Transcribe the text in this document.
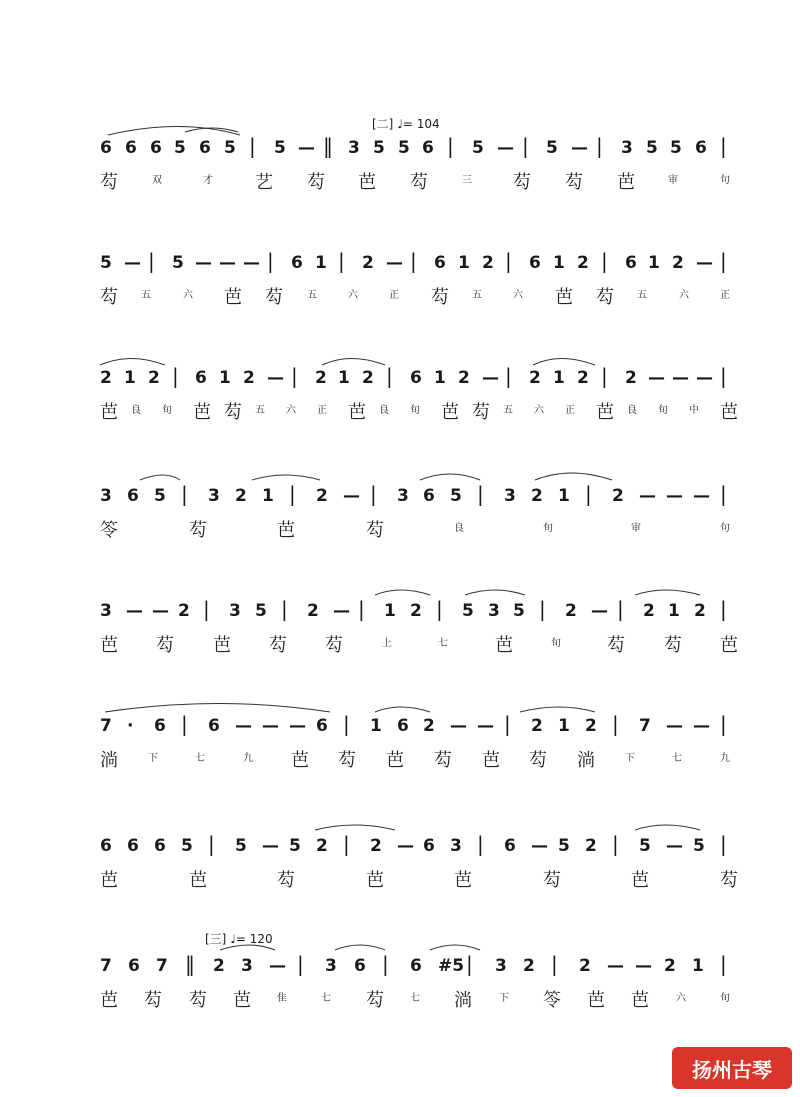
[二] ♩= 104
[三] ♩= 120
6 6 6 5 6 5 | 5 — ‖ 3 5 5 6 | 5 — | 5 — | 3 5 5 6 |
芶	双	才 艺 芶 芭 芶	三 芶 芶 芭	审	句
5 — | 5 — — — | 6 1 | 2 — | 6 1 2 | 6 1 2 | 6 1 2 — |
芶 五	六 芭 芶 五	六	正 芶 五	六 芭 芶 五	六	正
2 1 2 | 6 1 2 — | 2 1 2 | 6 1 2 — | 2 1 2 | 2 — — — |
芭 良 旬 芭 芶 五 六 正 芭 良 旬 芭 芶 五 六 正 芭 良 旬 中 芭
3 6 5 | 3 2 1 | 2 — | 3 6 5 | 3 2 1 | 2 — — — |
笭	芶	芭	芶	良	旬	审	句
3 — — 2 | 3 5 | 2 — | 1 2 | 5 3 5 | 2 — | 2 1 2 |
芭 芶 芭 芶 芶	上	七	芭	旬	芶 芶 芭
7 · 6 | 6 — — — 6 | 1 6 2 — — | 2 1 2 | 7 — — |
淌	下	七	九 芭 芶 芭 芶 芭 芶 淌	下	七	九
6 6 6 5 | 5 — 5 2 | 2 — 6 3 | 6 — 5 2 | 5 — 5 |
芭	芭	芶	芭	芭	芶	芭	芶
7 6 7 ‖ 2 3 — | 3 6 | 6 #5 | 3 2 | 2 — — 2 1 |
芭 芶 芶 芭	隹	七 芶	七 淌	下 笭 芭 芭	六	旬
扬州古琴
